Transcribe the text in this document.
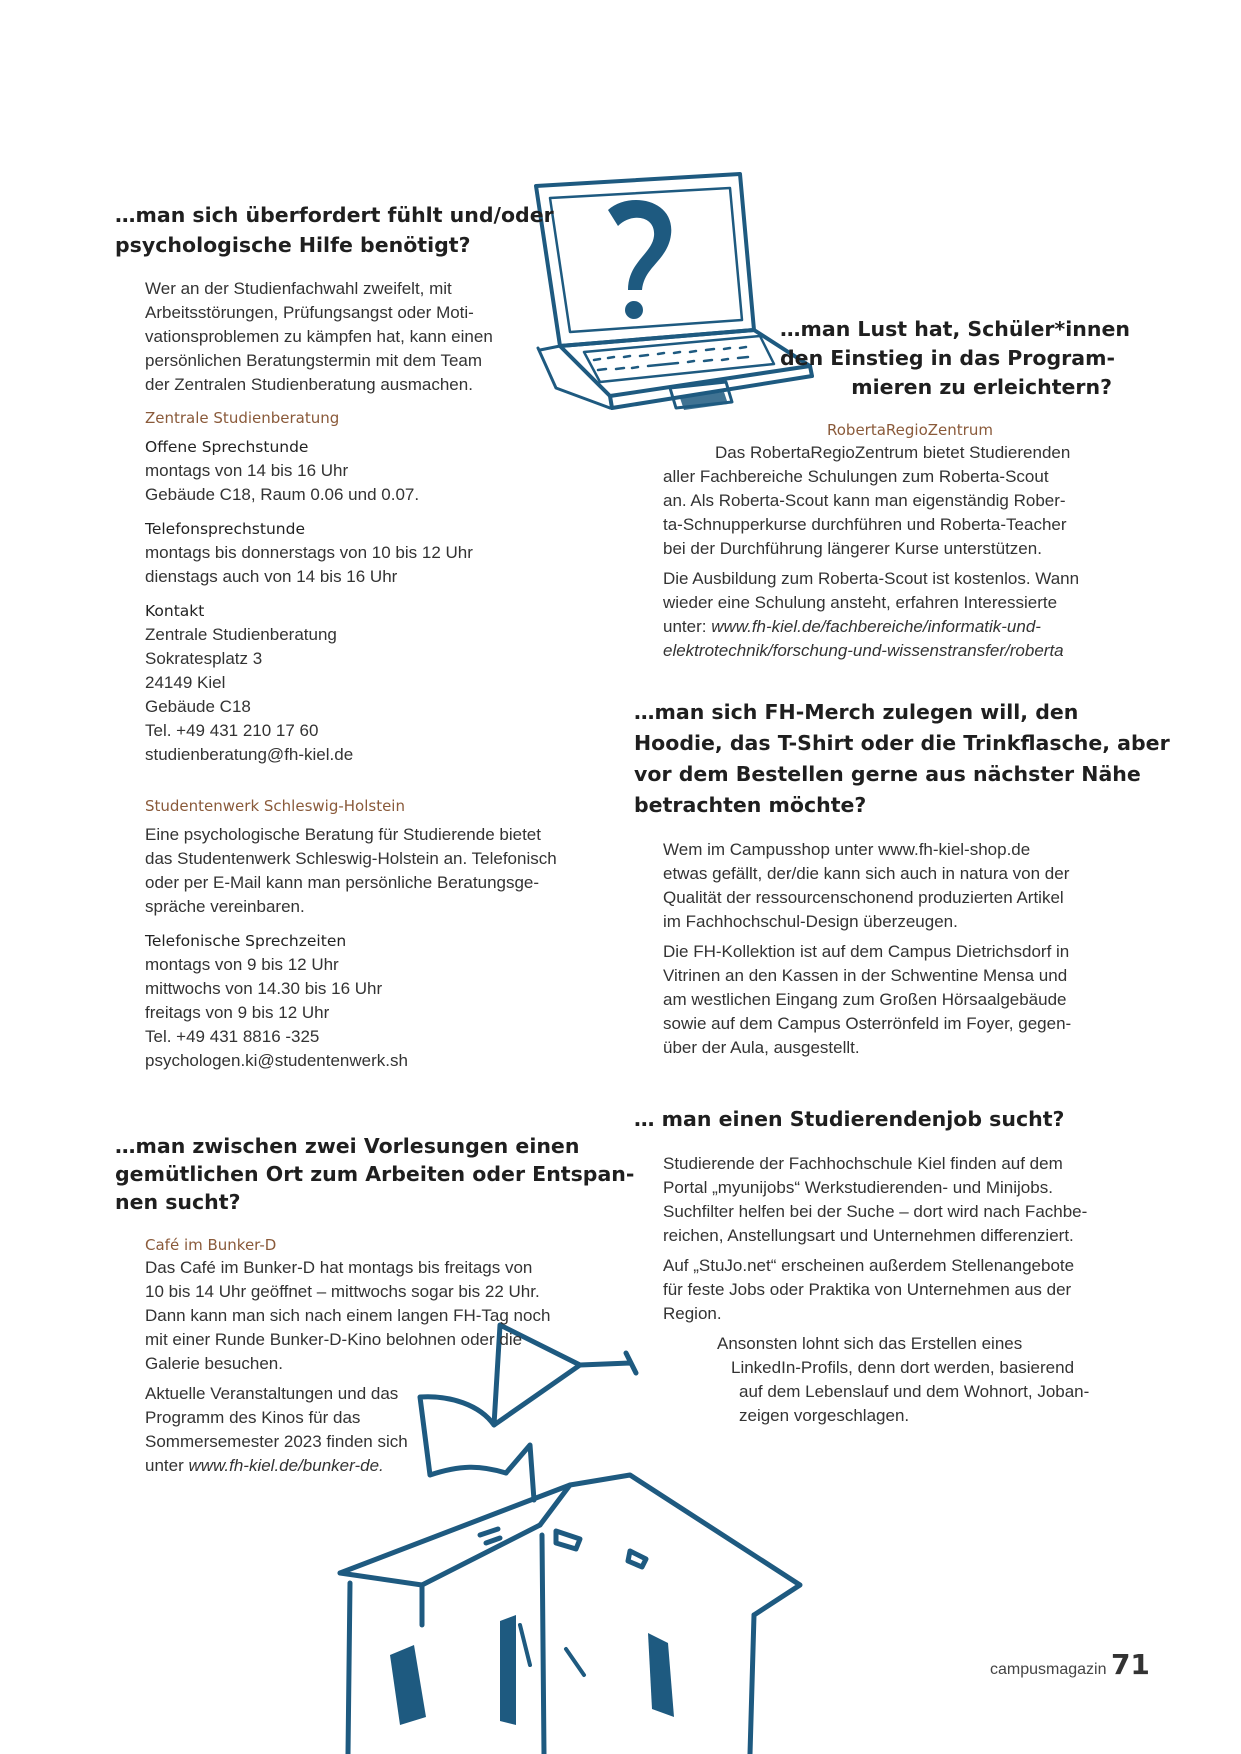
…man sich überfordert fühlt und/oder
psychologische Hilfe benötigt?
Wer an der Studienfachwahl zweifelt, mit
Arbeitsstörungen, Prüfungsangst oder Moti-
vationsproblemen zu kämpfen hat, kann einen
persönlichen Beratungstermin mit dem Team
der Zentralen Studienberatung ausmachen.
Zentrale Studienberatung
Offene Sprechstunde
montags von 14 bis 16 Uhr
Gebäude C18, Raum 0.06 und 0.07.
Telefonsprechstunde
montags bis donnerstags von 10 bis 12 Uhr
dienstags auch von 14 bis 16 Uhr
Kontakt
Zentrale Studienberatung
Sokratesplatz 3
24149 Kiel
Gebäude C18
Tel. +49 431 210 17 60
studienberatung@fh-kiel.de
Studentenwerk Schleswig-Holstein
Eine psychologische Beratung für Studierende bietet
das Studentenwerk Schleswig-Holstein an. Telefonisch
oder per E-Mail kann man persönliche Beratungsge-
spräche vereinbaren.
Telefonische Sprechzeiten
montags von 9 bis 12 Uhr
mittwochs von 14.30 bis 16 Uhr
freitags von 9 bis 12 Uhr
Tel. +49 431 8816 -325
psychologen.ki@studentenwerk.sh
…man zwischen zwei Vorlesungen einen
gemütlichen Ort zum Arbeiten oder Entspan-
nen sucht?
Café im Bunker-D
Das Café im Bunker-D hat montags bis freitags von
10 bis 14 Uhr geöffnet – mittwochs sogar bis 22 Uhr.
Dann kann man sich nach einem langen FH-Tag noch
mit einer Runde Bunker-D-Kino belohnen oder die
Galerie besuchen.
Aktuelle Veranstaltungen und das
Programm des Kinos für das
Sommersemester 2023 finden sich
unter www.fh-kiel.de/bunker-de.
…man Lust hat, Schüler*innen
den Einstieg in das Program-
mieren zu erleichtern?
RobertaRegioZentrum
Das RobertaRegioZentrum bietet Studierenden
aller Fachbereiche Schulungen zum Roberta-Scout
an. Als Roberta-Scout kann man eigenständig Rober-
ta-Schnupperkurse durchführen und Roberta-Teacher
bei der Durchführung längerer Kurse unterstützen.
Die Ausbildung zum Roberta-Scout ist kostenlos. Wann
wieder eine Schulung ansteht, erfahren Interessierte
unter: www.fh-kiel.de/fachbereiche/informatik-und-
elektrotechnik/forschung-und-wissenstransfer/roberta
…man sich FH-Merch zulegen will, den
Hoodie, das T-Shirt oder die Trinkflasche, aber
vor dem Bestellen gerne aus nächster Nähe
betrachten möchte?
Wem im Campusshop unter www.fh-kiel-shop.de
etwas gefällt, der/die kann sich auch in natura von der
Qualität der ressourcenschonend produzierten Artikel
im Fachhochschul-Design überzeugen.
Die FH-Kollektion ist auf dem Campus Dietrichsdorf in
Vitrinen an den Kassen in der Schwentine Mensa und
am westlichen Eingang zum Großen Hörsaalgebäude
sowie auf dem Campus Osterrönfeld im Foyer, gegen-
über der Aula, ausgestellt.
… man einen Studierendenjob sucht?
Studierende der Fachhochschule Kiel finden auf dem
Portal „myunijobs“ Werkstudierenden- und Minijobs.
Suchfilter helfen bei der Suche – dort wird nach Fachbe-
reichen, Anstellungsart und Unternehmen differenziert.
Auf „StuJo.net“ erscheinen außerdem Stellenangebote
für feste Jobs oder Praktika von Unternehmen aus der
Region.
Ansonsten lohnt sich das Erstellen eines
LinkedIn-Profils, denn dort werden, basierend
auf dem Lebenslauf und dem Wohnort, Joban-
zeigen vorgeschlagen.
campusmagazin 71
